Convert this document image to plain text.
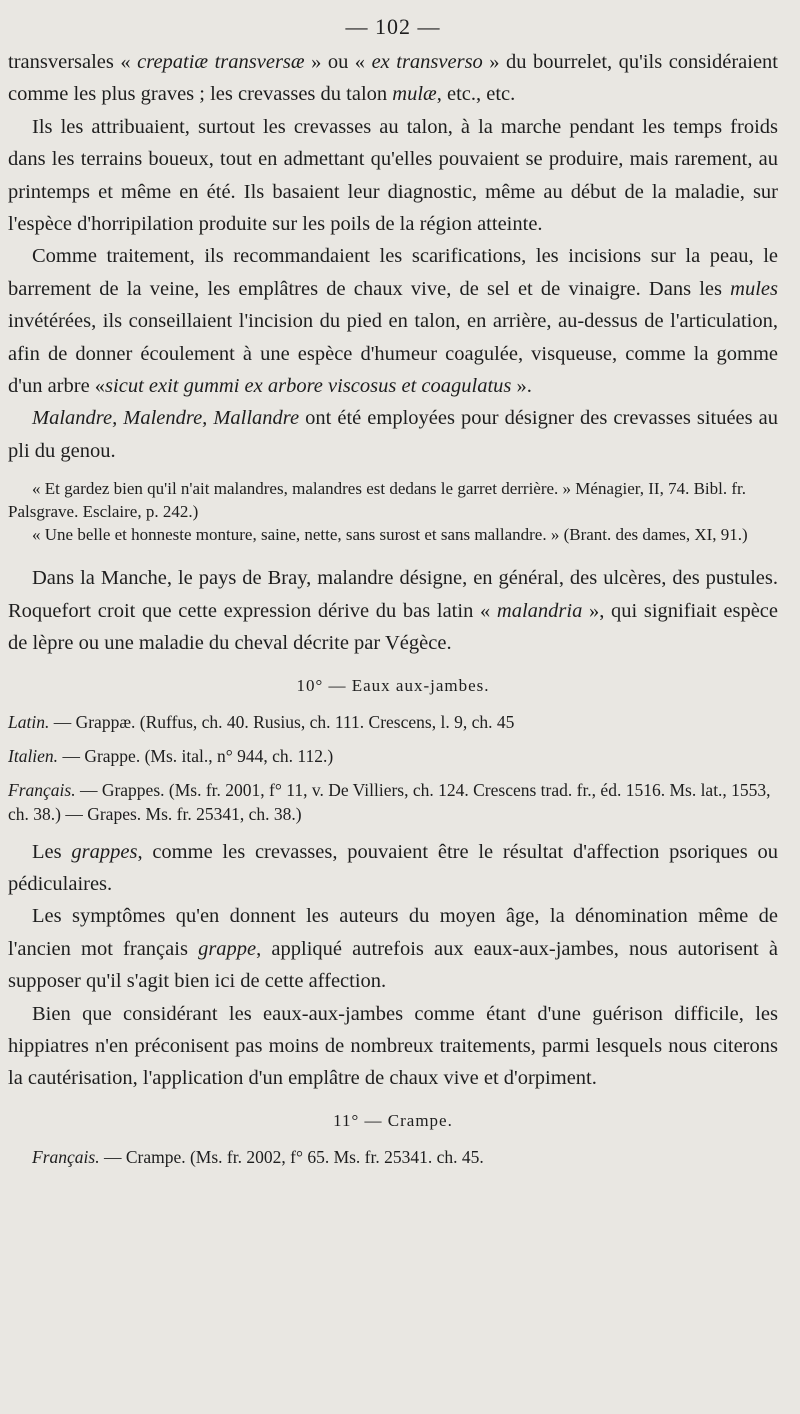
— 102 —

transversales « crepatiæ transversæ » ou « ex transverso » du bourrelet, qu'ils considéraient comme les plus graves ; les crevasses du talon mulæ, etc., etc.

Ils les attribuaient, surtout les crevasses au talon, à la marche pendant les temps froids dans les terrains boueux, tout en admettant qu'elles pouvaient se produire, mais rarement, au printemps et même en été. Ils basaient leur diagnostic, même au début de la maladie, sur l'espèce d'horripilation produite sur les poils de la région atteinte.

Comme traitement, ils recommandaient les scarifications, les incisions sur la peau, le barrement de la veine, les emplâtres de chaux vive, de sel et de vinaigre. Dans les mules invétérées, ils conseillaient l'incision du pied en talon, en arrière, au-dessus de l'articulation, afin de donner écoulement à une espèce d'humeur coagulée, visqueuse, comme la gomme d'un arbre «sicut exit gummi ex arbore viscosus et coagulatus ».

Malandre, Malendre, Mallandre ont été employées pour désigner des crevasses situées au pli du genou.

« Et gardez bien qu'il n'ait malandres, malandres est dedans le garret derrière. » Ménagier, II, 74. Bibl. fr. Palsgrave. Esclaire, p. 242.)

« Une belle et honneste monture, saine, nette, sans surost et sans mallandre. » (Brant. des dames, XI, 91.)

Dans la Manche, le pays de Bray, malandre désigne, en général, des ulcères, des pustules. Roquefort croit que cette expression dérive du bas latin « malandria », qui signifiait espèce de lèpre ou une maladie du cheval décrite par Végèce.

10° — Eaux aux-jambes.

Latin. — Grappæ. (Ruffus, ch. 40. Rusius, ch. 111. Crescens, l. 9, ch. 45

Italien. — Grappe. (Ms. ital., n° 944, ch. 112.)

Français. — Grappes. (Ms. fr. 2001, f° 11, v. De Villiers, ch. 124. Crescens trad. fr., éd. 1516. Ms. lat., 1553, ch. 38.) — Grapes. Ms. fr. 25341, ch. 38.)

Les grappes, comme les crevasses, pouvaient être le résultat d'affection psoriques ou pédiculaires.

Les symptômes qu'en donnent les auteurs du moyen âge, la dénomination même de l'ancien mot français grappe, appliqué autrefois aux eaux-aux-jambes, nous autorisent à supposer qu'il s'agit bien ici de cette affection.

Bien que considérant les eaux-aux-jambes comme étant d'une guérison difficile, les hippiatres n'en préconisent pas moins de nombreux traitements, parmi lesquels nous citerons la cautérisation, l'application d'un emplâtre de chaux vive et d'orpiment.

11° — Crampe.

Français. — Crampe. (Ms. fr. 2002, f° 65. Ms. fr. 25341. ch. 45.
